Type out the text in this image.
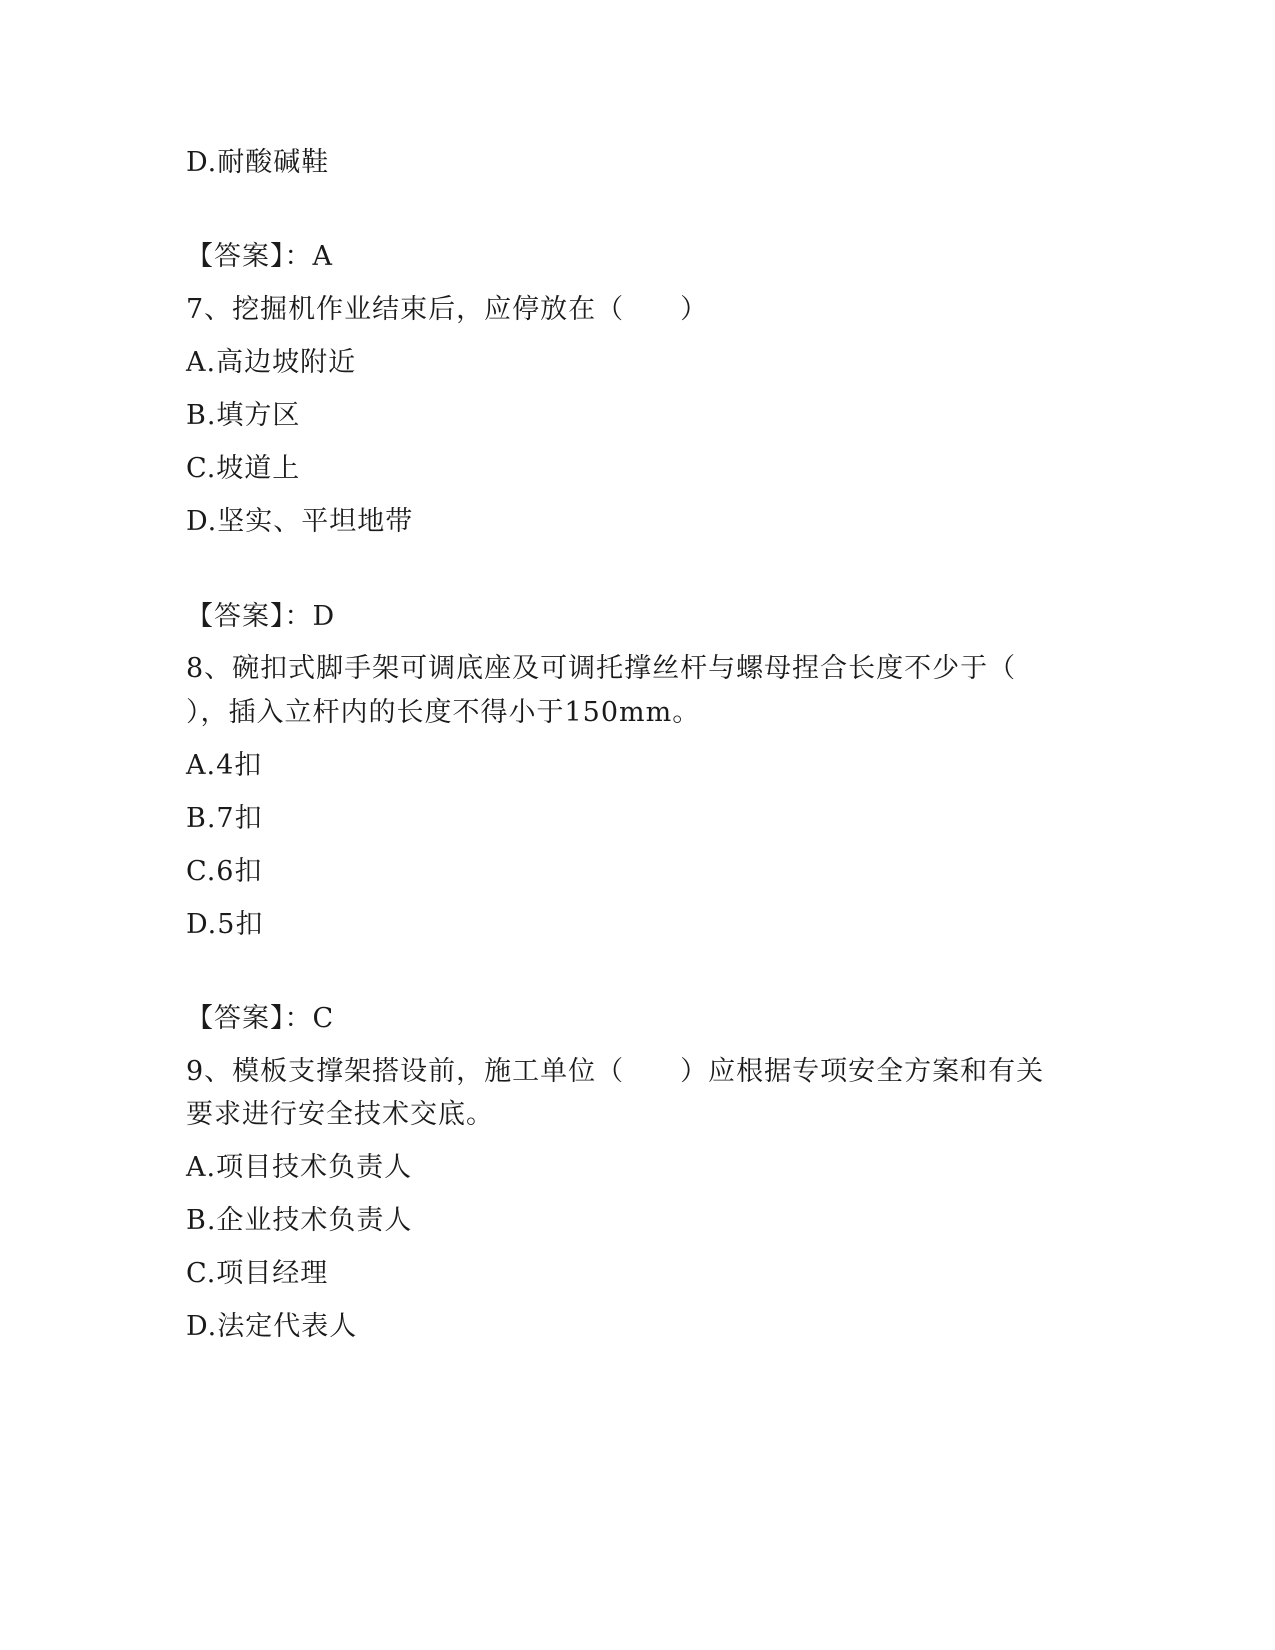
D.耐酸碱鞋
【答案】：A
7、挖掘机作业结束后，应停放在（　　）
A.高边坡附近
B.填方区
C.坡道上
D.坚实、平坦地带
【答案】：D
8、碗扣式脚手架可调底座及可调托撑丝杆与螺母捏合长度不少于（
），插入立杆内的长度不得小于150mm。
A.4扣
B.7扣
C.6扣
D.5扣
【答案】：C
9、模板支撑架搭设前，施工单位（　　）应根据专项安全方案和有关
要求进行安全技术交底。
A.项目技术负责人
B.企业技术负责人
C.项目经理
D.法定代表人
